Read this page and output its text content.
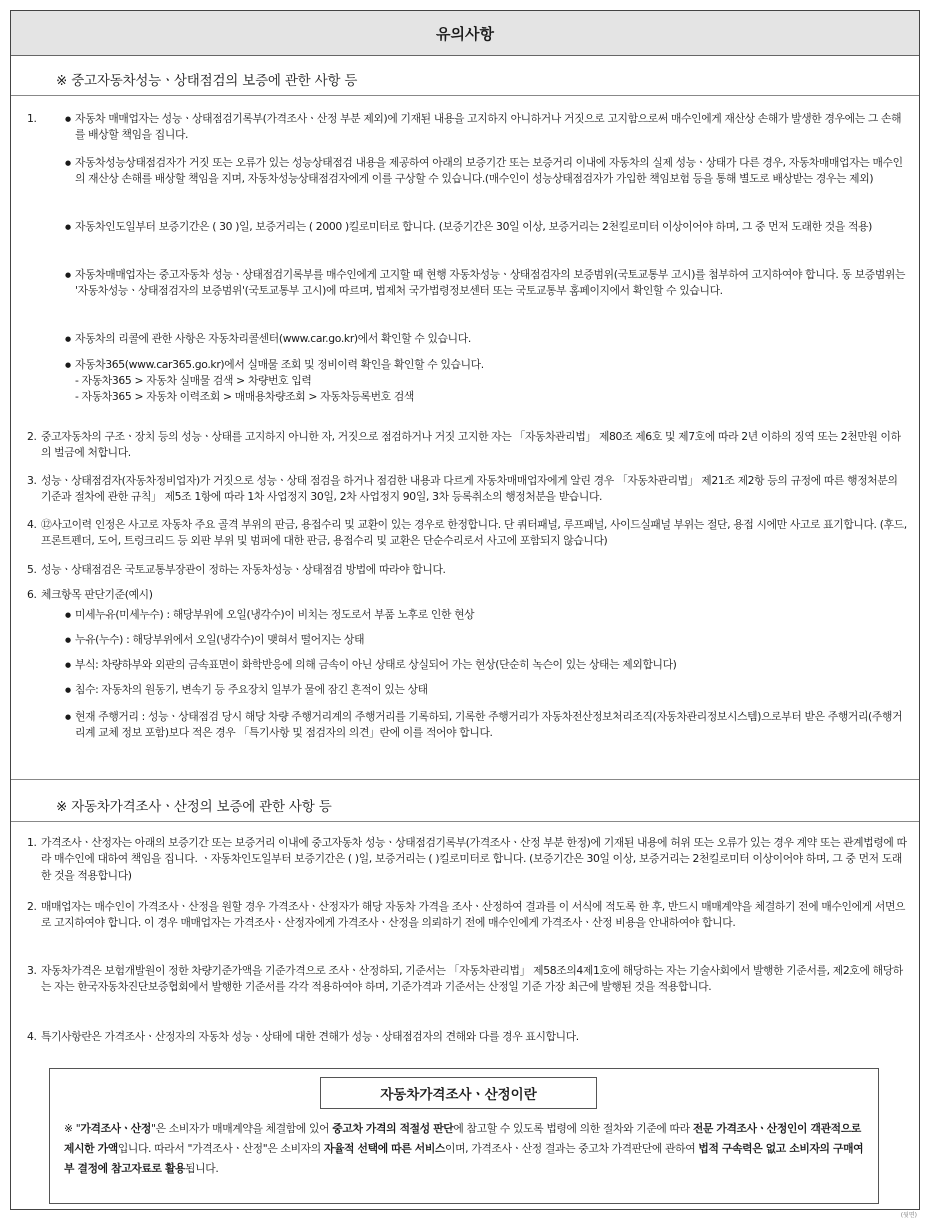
유의사항
※ 중고자동차성능ㆍ상태점검의 보증에 관한 사항 등
1.
●	자동차 매매업자는 성능ㆍ상태점검기록부(가격조사ㆍ산정 부분 제외)에 기재된 내용을 고지하지 아니하거나 거짓으로 고지함으로써 매수인에게 재산상 손해가 발생한 경우에는 그 손해를 배상할 책임을 집니다.
● 자동차성능상태점검자가 거짓 또는 오류가 있는 성능상태점검 내용을 제공하여 아래의 보증기간 또는 보증거리 이내에 자동차의 실제 성능ㆍ상태가 다른 경우, 자동차매매업자는 매수인의 재산상 손해를 배상할 책임을 지며, 자동차성능상태점검자에게 이를 구상할 수 있습니다.(매수인이 성능상태점검자가 가입한 책임보험 등을 통해 별도로 배상받는 경우는 제외)
● 자동차인도일부터 보증기간은 ( 30 )일, 보증거리는 ( 2000 )킬로미터로 합니다. (보증기간은 30일 이상, 보증거리는 2천킬로미터 이상이어야 하며, 그 중 먼저 도래한 것을 적용)
● 자동차매매업자는 중고자동차 성능ㆍ상태점검기록부를 매수인에게 고지할 때 현행 자동차성능ㆍ상태점검자의 보증범위(국토교통부 고시)를 첨부하여 고지하여야 합니다. 동 보증범위는 '자동차성능ㆍ상태점검자의 보증범위'(국토교통부 고시)에 따르며, 법제처 국가법령정보센터 또는 국토교통부 홈페이지에서 확인할 수 있습니다.
● 자동차의 리콜에 관한 사항은 자동차리콜센터(www.car.go.kr)에서 확인할 수 있습니다.
● 자동차365(www.car365.go.kr)에서 실매물 조회 및 정비이력 확인을 확인할 수 있습니다.
- 자동차365 > 자동차 실매물 검색 > 차량번호 입력
- 자동차365 > 자동차 이력조회 > 매매용차량조회 > 자동차등록번호 검색
2. 중고자동차의 구조ㆍ장치 등의 성능ㆍ상태를 고지하지 아니한 자, 거짓으로 점검하거나 거짓 고지한 자는 「자동차관리법」 제80조 제6호 및 제7호에 따라 2년 이하의 징역 또는 2천만원 이하의 벌금에 처합니다.
3. 성능ㆍ상태점검자(자동차정비업자)가 거짓으로 성능ㆍ상태 점검을 하거나 점검한 내용과 다르게 자동차매매업자에게 알린 경우 「자동차관리법」 제21조 제2항 등의 규정에 따른 행정처분의 기준과 절차에 관한 규칙」 제5조 1항에 따라 1차 사업정지 30일, 2차 사업정지 90일, 3차 등록취소의 행정처분을 받습니다.
4. ⑫사고이력 인정은 사고로 자동차 주요 골격 부위의 판금, 용접수리 및 교환이 있는 경우로 한정합니다. 단 쿼터패널, 루프패널, 사이드실패널 부위는 절단, 용접 시에만 사고로 표기합니다. (후드, 프론트펜더, 도어, 트렁크리드 등 외판 부위 및 범퍼에 대한 판금, 용접수리 및 교환은 단순수리로서 사고에 포함되지 않습니다)
5. 성능ㆍ상태점검은 국토교통부장관이 정하는 자동차성능ㆍ상태점검 방법에 따라야 합니다.
6. 체크항목 판단기준(예시)
● 미세누유(미세누수) : 해당부위에 오일(냉각수)이 비치는 정도로서 부품 노후로 인한 현상
● 누유(누수) : 해당부위에서 오일(냉각수)이 맺혀서 떨어지는 상태
● 부식: 차량하부와 외판의 금속표면이 화학반응에 의해 금속이 아닌 상태로 상실되어 가는 현상(단순히 녹슨이 있는 상태는 제외합니다)
● 침수: 자동차의 원동기, 변속기 등 주요장치 일부가 물에 잠긴 흔적이 있는 상태
● 현재 주행거리 : 성능ㆍ상태점검 당시 해당 차량 주행거리계의 주행거리를 기록하되, 기록한 주행거리가 자동차전산정보처리조직(자동차관리정보시스템)으로부터 받은 주행거리(주행거리계 교체 정보 포함)보다 적은 경우 「특기사항 및 점검자의 의견」란에 이를 적어야 합니다.
※ 자동차가격조사ㆍ산정의 보증에 관한 사항 등
1. 가격조사ㆍ산정자는 아래의 보증기간 또는 보증거리 이내에 중고자동차 성능ㆍ상태점검기록부(가격조사ㆍ산정 부분 한정)에 기재된 내용에 허위 또는 오류가 있는 경우 계약 또는 관계법령에 따라 매수인에 대하여 책임을 집니다. ㆍ자동차인도일부터 보증기간은 ( )일, 보증거리는 ( )킬로미터로 합니다. (보증기간은 30일 이상, 보증거리는 2천킬로미터 이상이어야 하며, 그 중 먼저 도래한 것을 적용합니다)
2. 매매업자는 매수인이 가격조사ㆍ산정을 원할 경우 가격조사ㆍ산정자가 해당 자동차 가격을 조사ㆍ산정하여 결과를 이 서식에 적도록 한 후, 반드시 매매계약을 체결하기 전에 매수인에게 서면으로 고지하여야 합니다. 이 경우 매매업자는 가격조사ㆍ산정자에게 가격조사ㆍ산정을 의뢰하기 전에 매수인에게 가격조사ㆍ산정 비용을 안내하여야 합니다.
3. 자동차가격은 보험개발원이 정한 차량기준가액을 기준가격으로 조사ㆍ산정하되, 기준서는 「자동차관리법」 제58조의4제1호에 해당하는 자는 기술사회에서 발행한 기준서를, 제2호에 해당하는 자는 한국자동차진단보증협회에서 발행한 기준서를 각각 적용하여야 하며, 기준가격과 기준서는 산정일 기준 가장 최근에 발행된 것을 적용합니다.
4. 특기사항란은 가격조사ㆍ산정자의 자동차 성능ㆍ상태에 대한 견해가 성능ㆍ상태점검자의 견해와 다를 경우 표시합니다.
자동차가격조사ㆍ산정이란
※ "가격조사ㆍ산정"은 소비자가 매매계약을 체결함에 있어 중고차 가격의 적절성 판단에 참고할 수 있도록 법령에 의한 절차와 기준에 따라 전문 가격조사ㆍ산정인이 객관적으로 제시한 가액입니다. 따라서 "가격조사ㆍ산정"은 소비자의 자율적 선택에 따른 서비스이며, 가격조사ㆍ산정 결과는 중고차 가격판단에 관하여 법적 구속력은 없고 소비자의 구매여부 결정에 참고자료로 활용됩니다.
(뒷면)
